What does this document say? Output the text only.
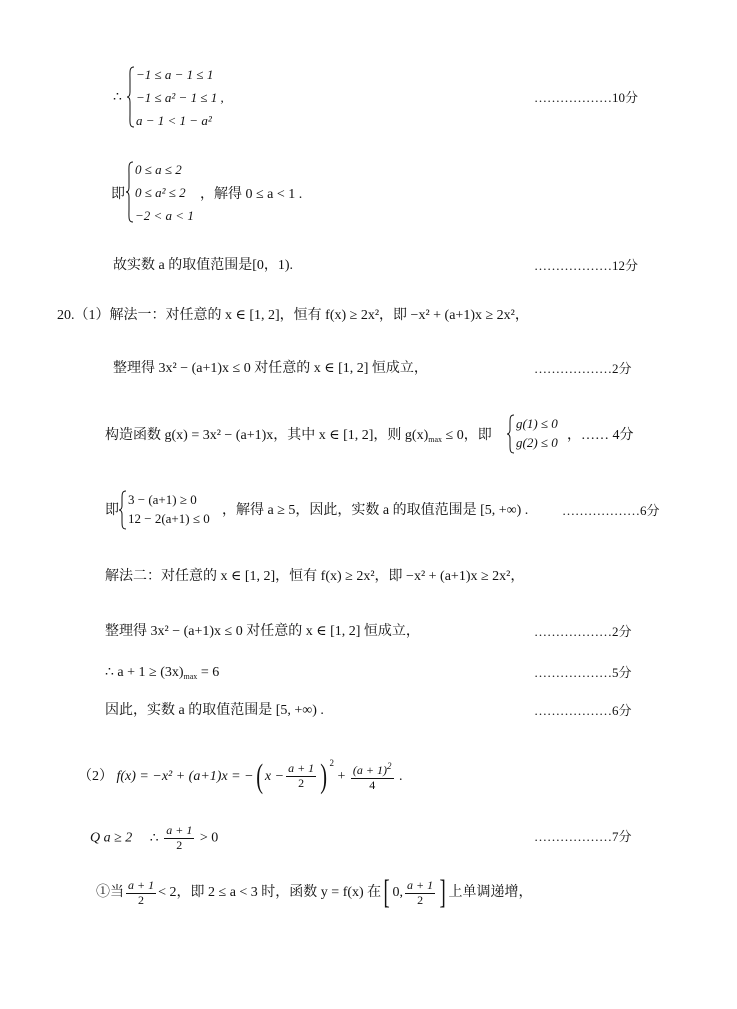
∴
−1 ≤ a − 1 ≤ 1
−1 ≤ a² − 1 ≤ 1 ,
a − 1 < 1 − a²
………………10分
即
0 ≤ a ≤ 2
0 ≤ a² ≤ 2
−2 < a < 1
，解得 0 ≤ a < 1 .
故实数 a 的取值范围是[0，1).	………………12分
20.（1）解法一：对任意的 x ∈ [1, 2]，恒有 f(x) ≥ 2x²，即 −x² + (a+1)x ≥ 2x²，
整理得 3x² − (a+1)x ≤ 0 对任意的 x ∈ [1, 2] 恒成立，	………………2分
构造函数 g(x) = 3x² − (a+1)x，其中 x ∈ [1, 2]，则 $g(x)_{max} \le 0$，即
g(1) ≤ 0
g(2) ≤ 0 ，…… 4分
即
3 − (a+1) ≥ 0
12 − 2(a+1) ≤ 0
，解得 a ≥ 5，因此，实数 a 的取值范围是 [5, +∞) .	………………6分
解法二：对任意的 x ∈ [1, 2]，恒有 f(x) ≥ 2x²，即 −x² + (a+1)x ≥ 2x²，
整理得 3x² − (a+1)x ≤ 0 对任意的 x ∈ [1, 2] 恒成立，	………………2分
∴ $a + 1 \ge (3x)_{max} = 6$	………………5分
因此，实数 a 的取值范围是 [5, +∞) .	………………6分
（2） f(x) = −x² + (a+1)x = −( $x - \frac{a + 1}{2}$ ) $^2 + \frac{(a + 1)^2}{4}$ .
Q a ≥ 2 ∴ $\frac{a + 1}{2} > 0$	………………7分
①当 $\frac{a + 1}{2} < 2$，即 2 ≤ a < 3 时，函数 y = f(x) 在[ 0, $\frac{a + 1}{2}$ ] 上单调递增，
